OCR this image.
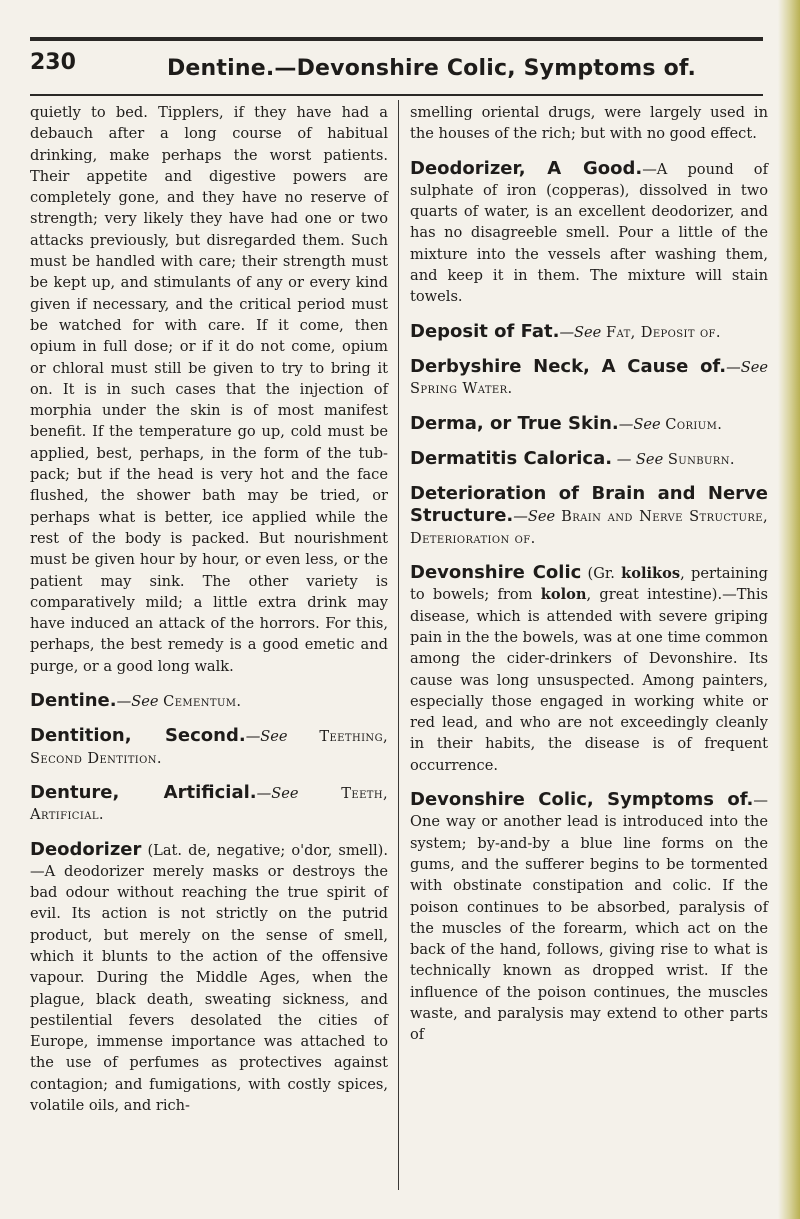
230	Dentine.—Devonshire Colic, Symptoms of.

quietly to bed. Tipplers, if they have had a debauch after a long course of habitual drinking, make perhaps the worst patients. Their appetite and digestive powers are completely gone, and they have no reserve of strength; very likely they have had one or two attacks previously, but disregarded them. Such must be handled with care; their strength must be kept up, and stimulants of any or every kind given if necessary, and the critical period must be watched for with care. If it come, then opium in full dose; or if it do not come, opium or chloral must still be given to try to bring it on. It is in such cases that the injection of morphia under the skin is of most manifest benefit. If the temperature go up, cold must be applied, best, perhaps, in the form of the tub-pack; but if the head is very hot and the face flushed, the shower bath may be tried, or perhaps what is better, ice applied while the rest of the body is packed. But nourishment must be given hour by hour, or even less, or the patient may sink. The other variety is comparatively mild; a little extra drink may have induced an attack of the horrors. For this, perhaps, the best remedy is a good emetic and purge, or a good long walk.

Dentine.—See Cementum.

Dentition, Second.—See Teething, Second Dentition.

Denture, Artificial.—See	Teeth, Artificial.

Deodorizer (Lat. de, negative; o'dor, smell).—A deodorizer merely masks or destroys the bad odour without reaching the true spirit of evil. Its action is not strictly on the putrid product, but merely on the sense of smell, which it blunts to the action of the offensive vapour. During the Middle Ages, when the plague, black death, sweating sickness, and pestilential fevers desolated the cities of Europe, immense importance was attached to the use of perfumes as protectives against contagion; and fumigations, with costly spices, volatile oils, and rich-

smelling oriental drugs, were largely used in the houses of the rich; but with no good effect.

Deodorizer, A Good.—A pound of sulphate of iron (copperas), dissolved in two quarts of water, is an excellent deodorizer, and has no disagreeble smell. Pour a little of the mixture into the vessels after washing them, and keep it in them. The mixture will stain towels.

Deposit of Fat.—See Fat, Deposit of.

Derbyshire Neck, A Cause of.—See Spring Water.

Derma, or True Skin.—See Corium.

Dermatitis Calorica. — See Sunburn.

Deterioration of Brain and Nerve Structure.—See Brain and Nerve Structure, Deterioration of.

Devonshire Colic (Gr. kolikos, pertaining to bowels; from kolon, great intestine).—This disease, which is attended with severe griping pain in the the bowels, was at one time common among the cider-drinkers of Devonshire. Its cause was long unsuspected. Among painters, especially those engaged in working white or red lead, and who are not exceedingly cleanly in their habits, the disease is of frequent occurrence.

Devonshire Colic, Symptoms of.—One way or another lead is introduced into the system; by-and-by a blue line forms on the gums, and the sufferer begins to be tormented with obstinate constipation and colic. If the poison continues to be absorbed, paralysis of the muscles of the forearm, which act on the back of the hand, follows, giving rise to what is technically known as dropped wrist. If the influence of the poison continues, the muscles waste, and paralysis may extend to other parts of
